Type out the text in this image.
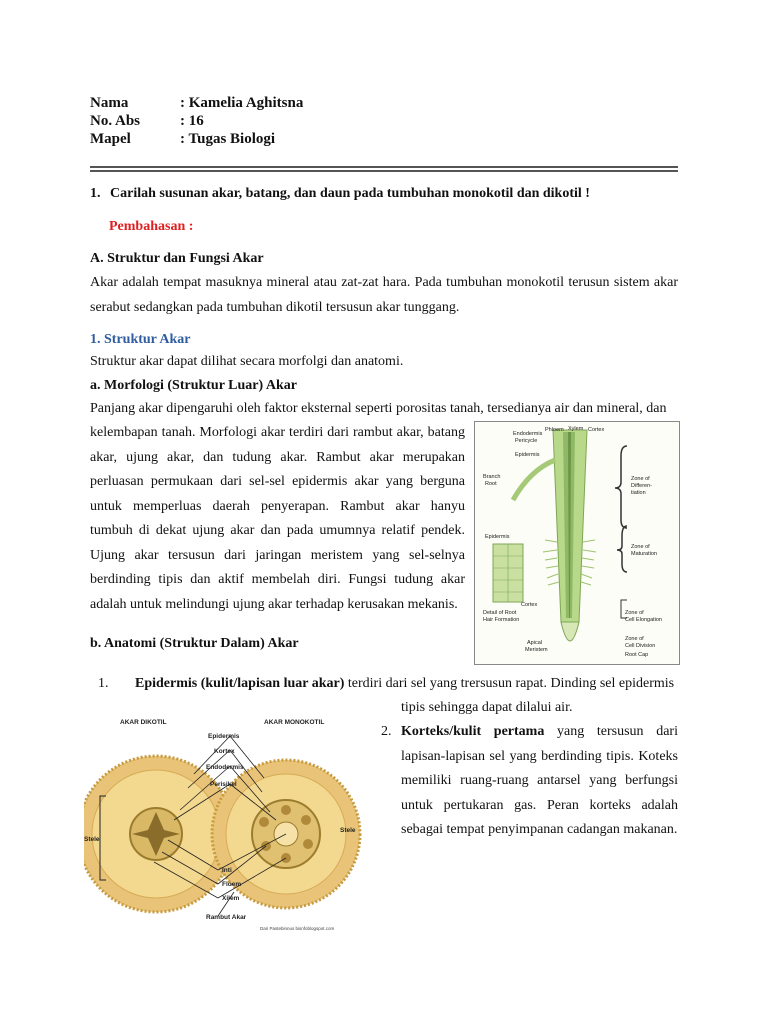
Nama	: Kamelia Aghitsna
No. Abs	: 16
Mapel	: Tugas Biologi
1. Carilah susunan akar, batang, dan daun pada tumbuhan monokotil dan dikotil !
Pembahasan :
A. Struktur dan Fungsi Akar
Akar adalah tempat masuknya mineral atau zat-zat hara. Pada tumbuhan monokotil terusun sistem akar serabut sedangkan pada tumbuhan dikotil tersusun akar tunggang.
1. Struktur Akar
Struktur akar dapat dilihat secara morfolgi dan anatomi.
a. Morfologi (Struktur Luar) Akar
Panjang akar dipengaruhi oleh faktor eksternal seperti porositas tanah, tersedianya air dan mineral, dan
kelembapan tanah. Morfologi akar terdiri dari rambut akar, batang akar, ujung akar, dan tudung akar. Rambut akar merupakan perluasan permukaan dari sel-sel epidermis akar yang berguna untuk memperluas daerah penyerapan. Rambut akar hanyu tumbuh di dekat ujung akar dan pada umumnya relatif pendek. Ujung akar tersusun dari jaringan meristem yang sel-selnya berdinding tipis dan aktif membelah diri. Fungsi tudung akar adalah untuk melindungi ujung akar terhadap kerusakan mekanis.
Endodermis
Pericycle
Phloem Xylem Cortex
Epidermis
Branch
Root
Zone of
Differen-
tiation
Zone of
Maturation
Epidermis
Cortex
Detail of Root
Hair Formation
Zone of
Cell Elongation
Apical
Meristem
Zone of
Cell Division
Root Cap
b. Anatomi (Struktur Dalam) Akar
1. Epidermis (kulit/lapisan luar akar) terdiri dari sel yang trersusun rapat. Dinding sel epidermis
tipis sehingga dapat dilalui air.
2. Korteks/kulit pertama yang tersusun dari lapisan-lapisan sel yang berdinding tipis. Koteks memiliki ruang-ruang antarsel yang berfungsi untuk pertukaran gas. Peran korteks adalah sebagai tempat penyimpanan cadangan makanan.
AKAR DIKOTIL	AKAR MONOKOTIL
Epidermis
Kortex
Endodermis
Perisikel
Stele
Stele
Inti
Floem
Xilem
Rambut Akar
Dari Pastebinnus bisnfoblogspot.com
